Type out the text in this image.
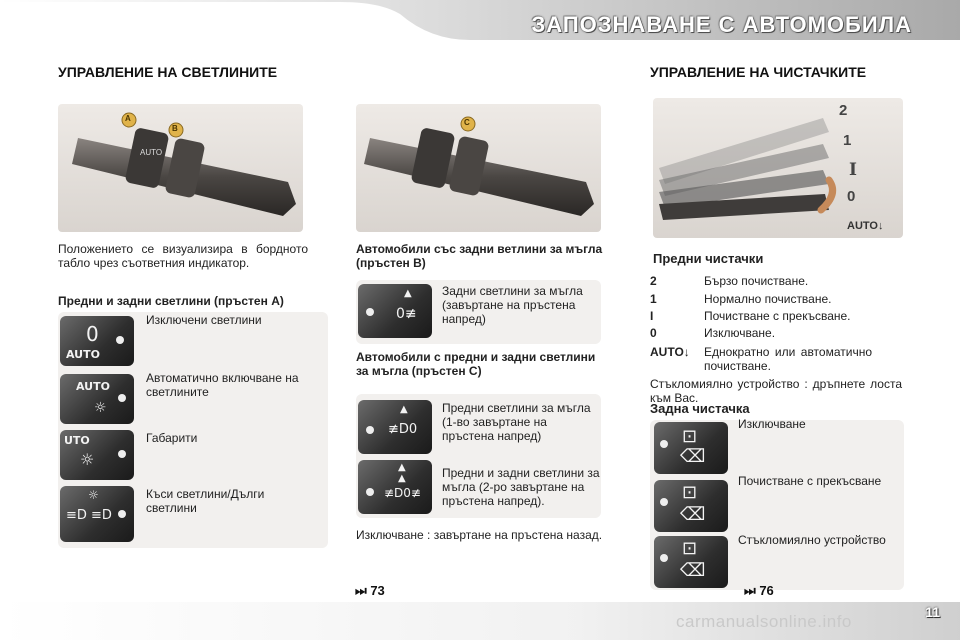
ЗАПОЗНАВАНЕ С АВТОМОБИЛА
УПРАВЛЕНИЕ НА СВЕТЛИНИТЕ	УПРАВЛЕНИЕ НА ЧИСТАЧКИТЕ
A
B
AUTO
C
2
1
I
0
AUTO↓
Положението се визуализира в бордното табло чрез съответния индикатор.
Предни и задни светлини (пръстен A)
0
AUTO
Изключени светлини
AUTO
☼
Автоматично включване на светлините
UTO
☼
Габарити
☼
≡D ≡D
Къси светлини/Дълги светлини
Автомобили със задни ветлини за мъгла (пръстен B)
▲
0≢
Задни светлини за мъгла (завъртане на пръстена напред)
Автомобили с предни и задни светлини за мъгла (пръстен C)
▲
≢D0
Предни светлини за мъгла (1-во завъртане на пръстена напред)
▲
▲
≢D0≢
Предни и задни светлини за мъгла (2-ро завъртане на пръстена напред).
Изключване : завъртане на пръстена назад.
⏭ 73
Предни чистачки
2	Бързо почистване.
1	Нормално почистване.
I	Почистване с прекъсване.
0	Изключване.
AUTO↓ Еднократно или автоматично почистване.
Стъкломиялно устройство : дръпнете лоста към Вас.
Задна чистачка
⊡
⌫
Изключване
⊡
⌫
Почистване с прекъсване
⊡
⌫
Стъкломиялно устройство
⏭ 76
11
carmanualsonline.info
